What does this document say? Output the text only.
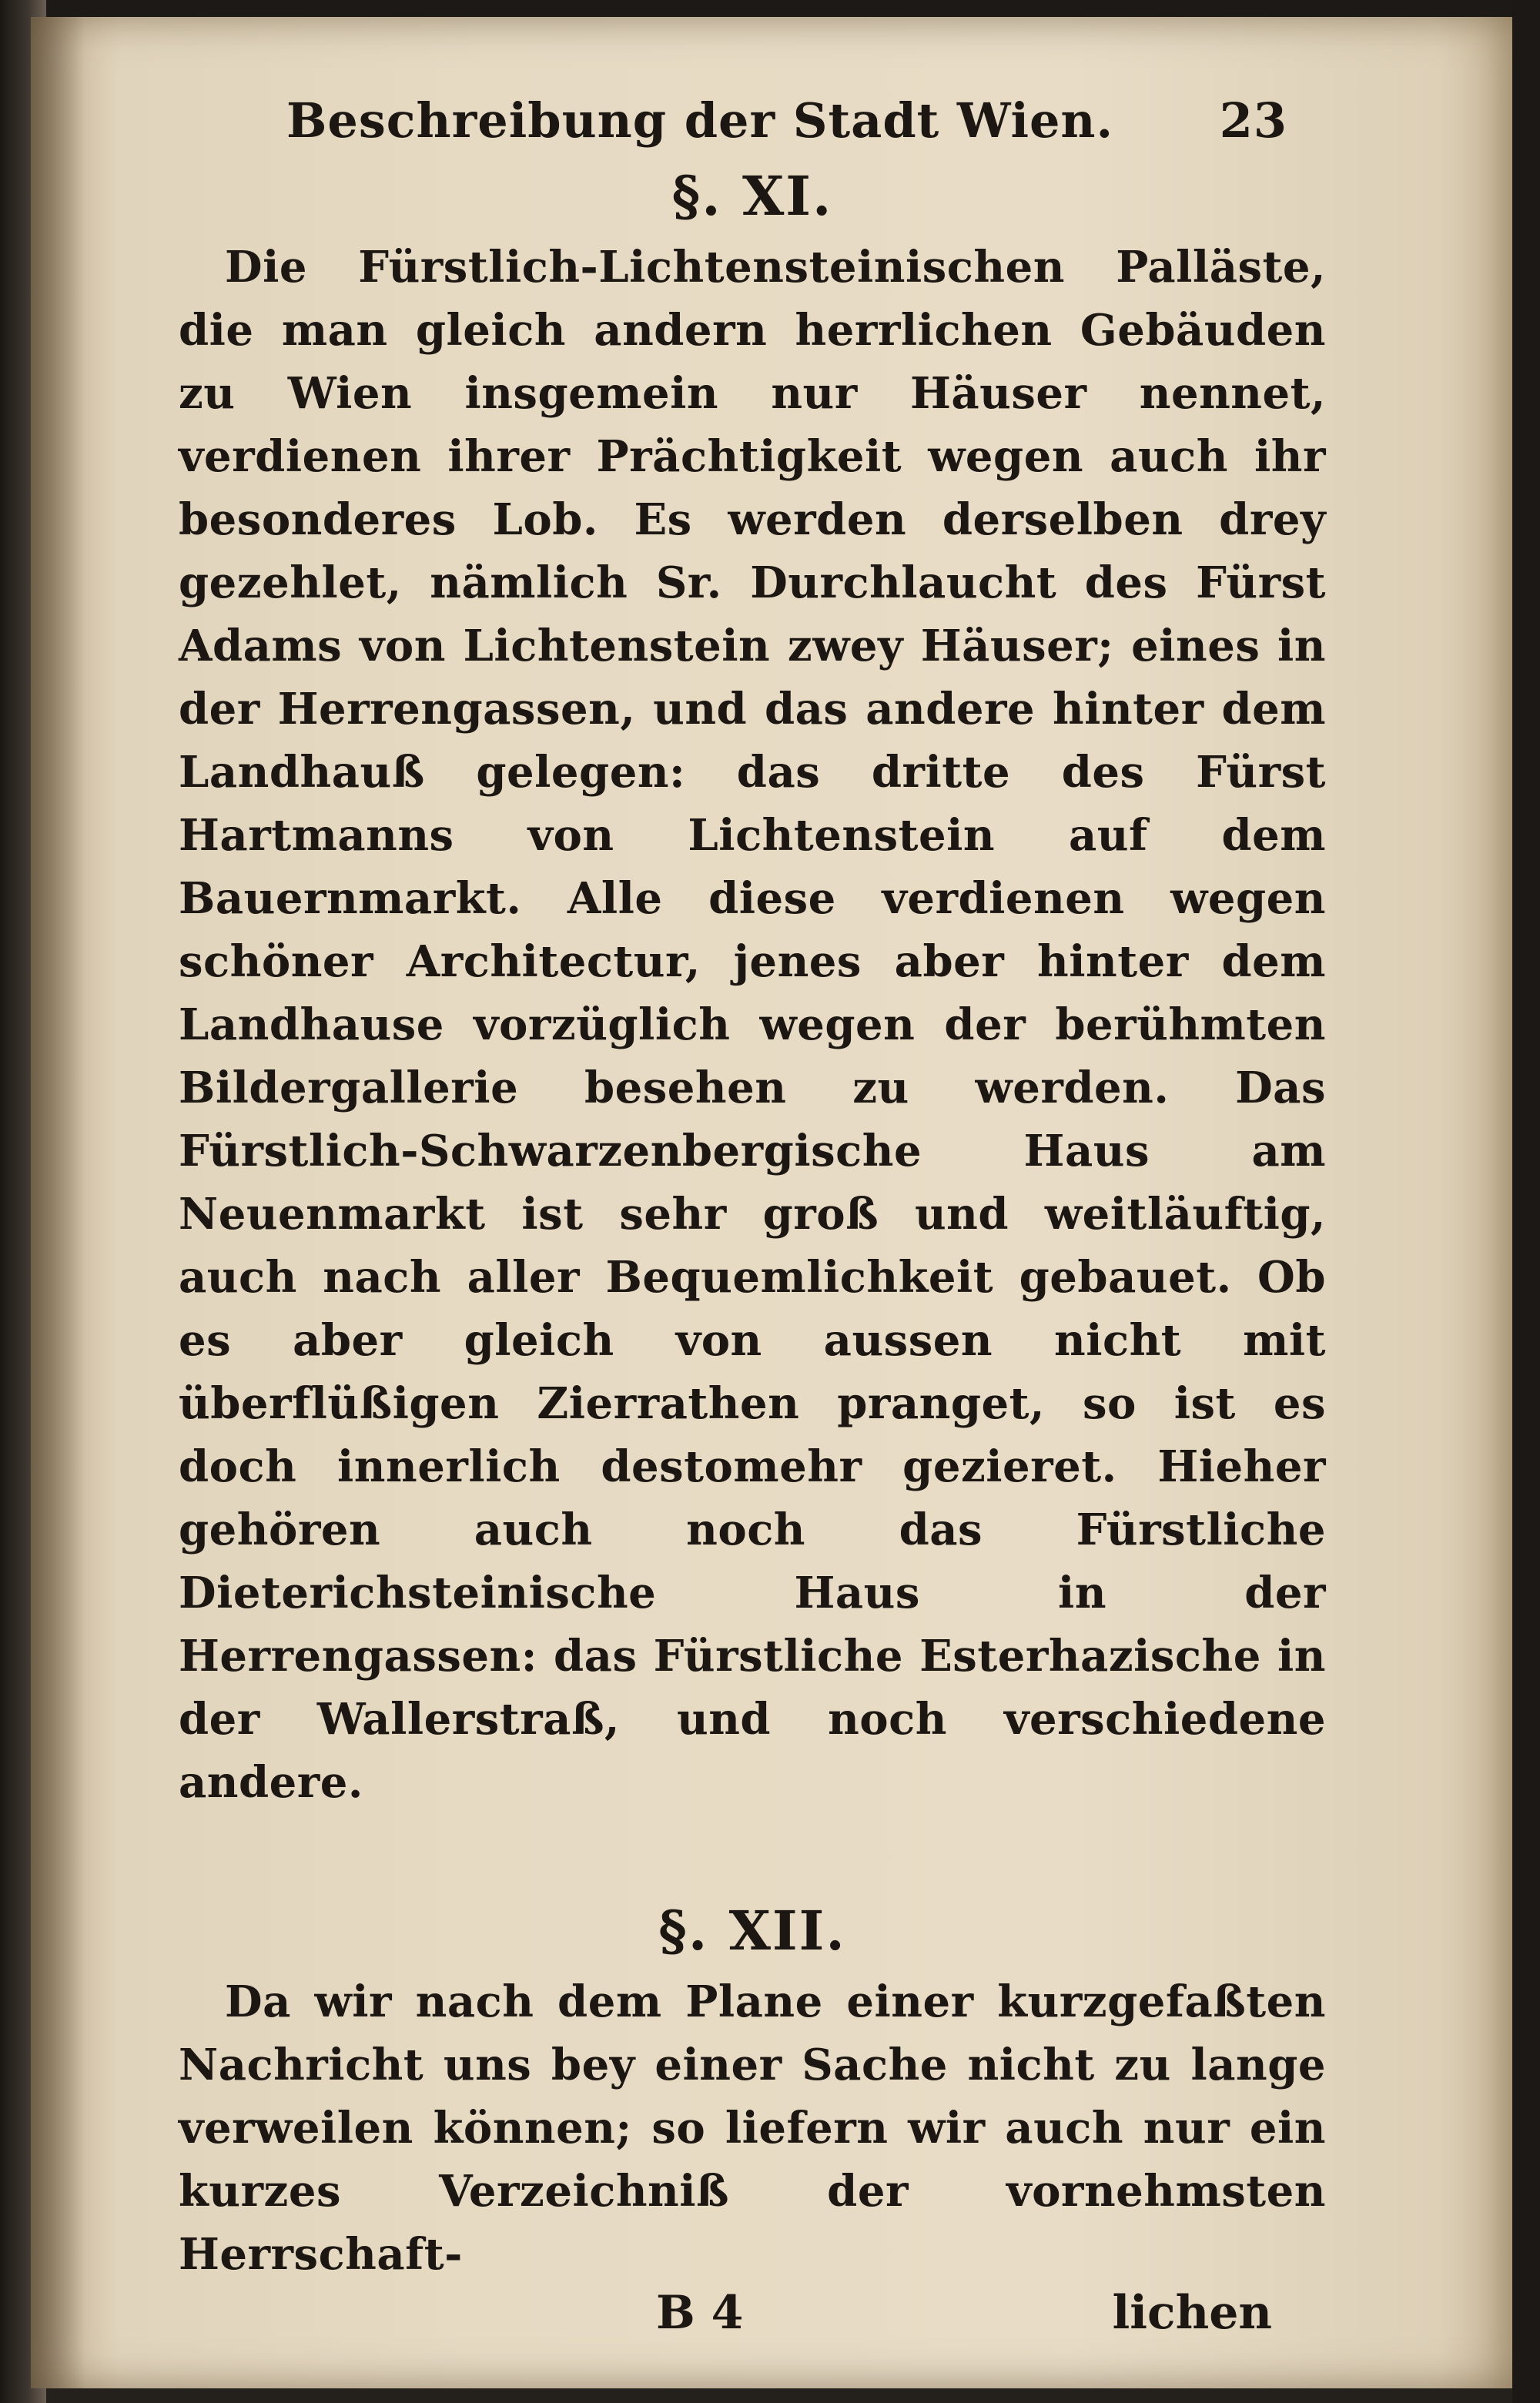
Beschreibung der Stadt Wien. 23
§. XI.
Die Fürstlich-Lichtensteinischen Palläste, die man gleich andern herrlichen Gebäuden zu Wien insgemein nur Häuser nennet, verdienen ihrer Prächtigkeit wegen auch ihr besonderes Lob. Es werden derselben drey gezehlet, nämlich Sr. Durchlaucht des Fürst Adams von Lichtenstein zwey Häuser; eines in der Herrengassen, und das andere hinter dem Landhauß gelegen: das dritte des Fürst Hartmanns von Lichtenstein auf dem Bauernmarkt. Alle diese verdienen wegen schöner Architectur, jenes aber hinter dem Landhause vorzüglich wegen der berühmten Bildergallerie besehen zu werden. Das Fürstlich-Schwarzenbergische Haus am Neuenmarkt ist sehr groß und weitläuftig, auch nach aller Bequemlichkeit gebauet. Ob es aber gleich von aussen nicht mit überflüßigen Zierrathen pranget, so ist es doch innerlich destomehr gezieret. Hieher gehören auch noch das Fürstliche Dieterichsteinische Haus in der Herrengassen: das Fürstliche Esterhazische in der Wallerstraß, und noch verschiedene andere.
§. XII.
Da wir nach dem Plane einer kurzgefaßten Nachricht uns bey einer Sache nicht zu lange verweilen können; so liefern wir auch nur ein kurzes Verzeichniß der vornehmsten Herrschaft-
B 4	lichen
